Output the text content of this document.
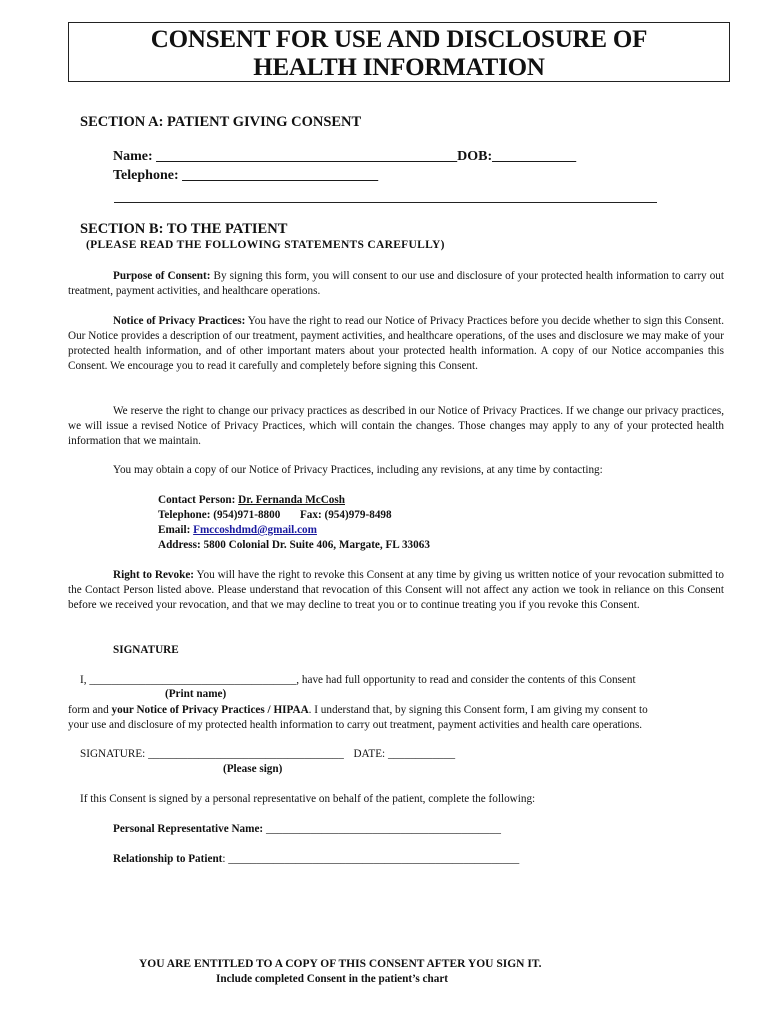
CONSENT FOR USE AND DISCLOSURE OF
HEALTH INFORMATION
SECTION A: PATIENT GIVING CONSENT
Name: ___________________________________________DOB:____________
Telephone: ____________________________
SECTION B: TO THE PATIENT
(PLEASE READ THE FOLLOWING STATEMENTS CAREFULLY)
Purpose of Consent: By signing this form, you will consent to our use and disclosure of your protected health information to carry out treatment, payment activities, and healthcare operations.
Notice of Privacy Practices: You have the right to read our Notice of Privacy Practices before you decide whether to sign this Consent. Our Notice provides a description of our treatment, payment activities, and healthcare operations, of the uses and disclosure we may make of your protected health information, and of other important maters about your protected health information. A copy of our Notice accompanies this Consent. We encourage you to read it carefully and completely before signing this Consent.
We reserve the right to change our privacy practices as described in our Notice of Privacy Practices. If we change our privacy practices, we will issue a revised Notice of Privacy Practices, which will contain the changes. Those changes may apply to any of your protected health information that we maintain.
You may obtain a copy of our Notice of Privacy Practices, including any revisions, at any time by contacting:
Contact Person: Dr. Fernanda McCosh
Telephone: (954)971-8800 Fax: (954)979-8498
Email: Fmccoshdmd@gmail.com
Address: 5800 Colonial Dr. Suite 406, Margate, FL 33063
Right to Revoke: You will have the right to revoke this Consent at any time by giving us written notice of your revocation submitted to the Contact Person listed above. Please understand that revocation of this Consent will not affect any action we took in reliance on this Consent before we received your revocation, and that we may decline to treat you or to continue treating you if you revoke this Consent.
SIGNATURE
I, _____________________________________, have had full opportunity to read and consider the contents of this Consent
(Print name)
form and your Notice of Privacy Practices / HIPAA. I understand that, by signing this Consent form, I am giving my consent to
your use and disclosure of my protected health information to carry out treatment, payment activities and health care operations.
SIGNATURE: ___________________________________ DATE: ____________
(Please sign)
If this Consent is signed by a personal representative on behalf of the patient, complete the following:
Personal Representative Name: __________________________________________
Relationship to Patient: ____________________________________________________
YOU ARE ENTITLED TO A COPY OF THIS CONSENT AFTER YOU SIGN IT.
Include completed Consent in the patient’s chart
